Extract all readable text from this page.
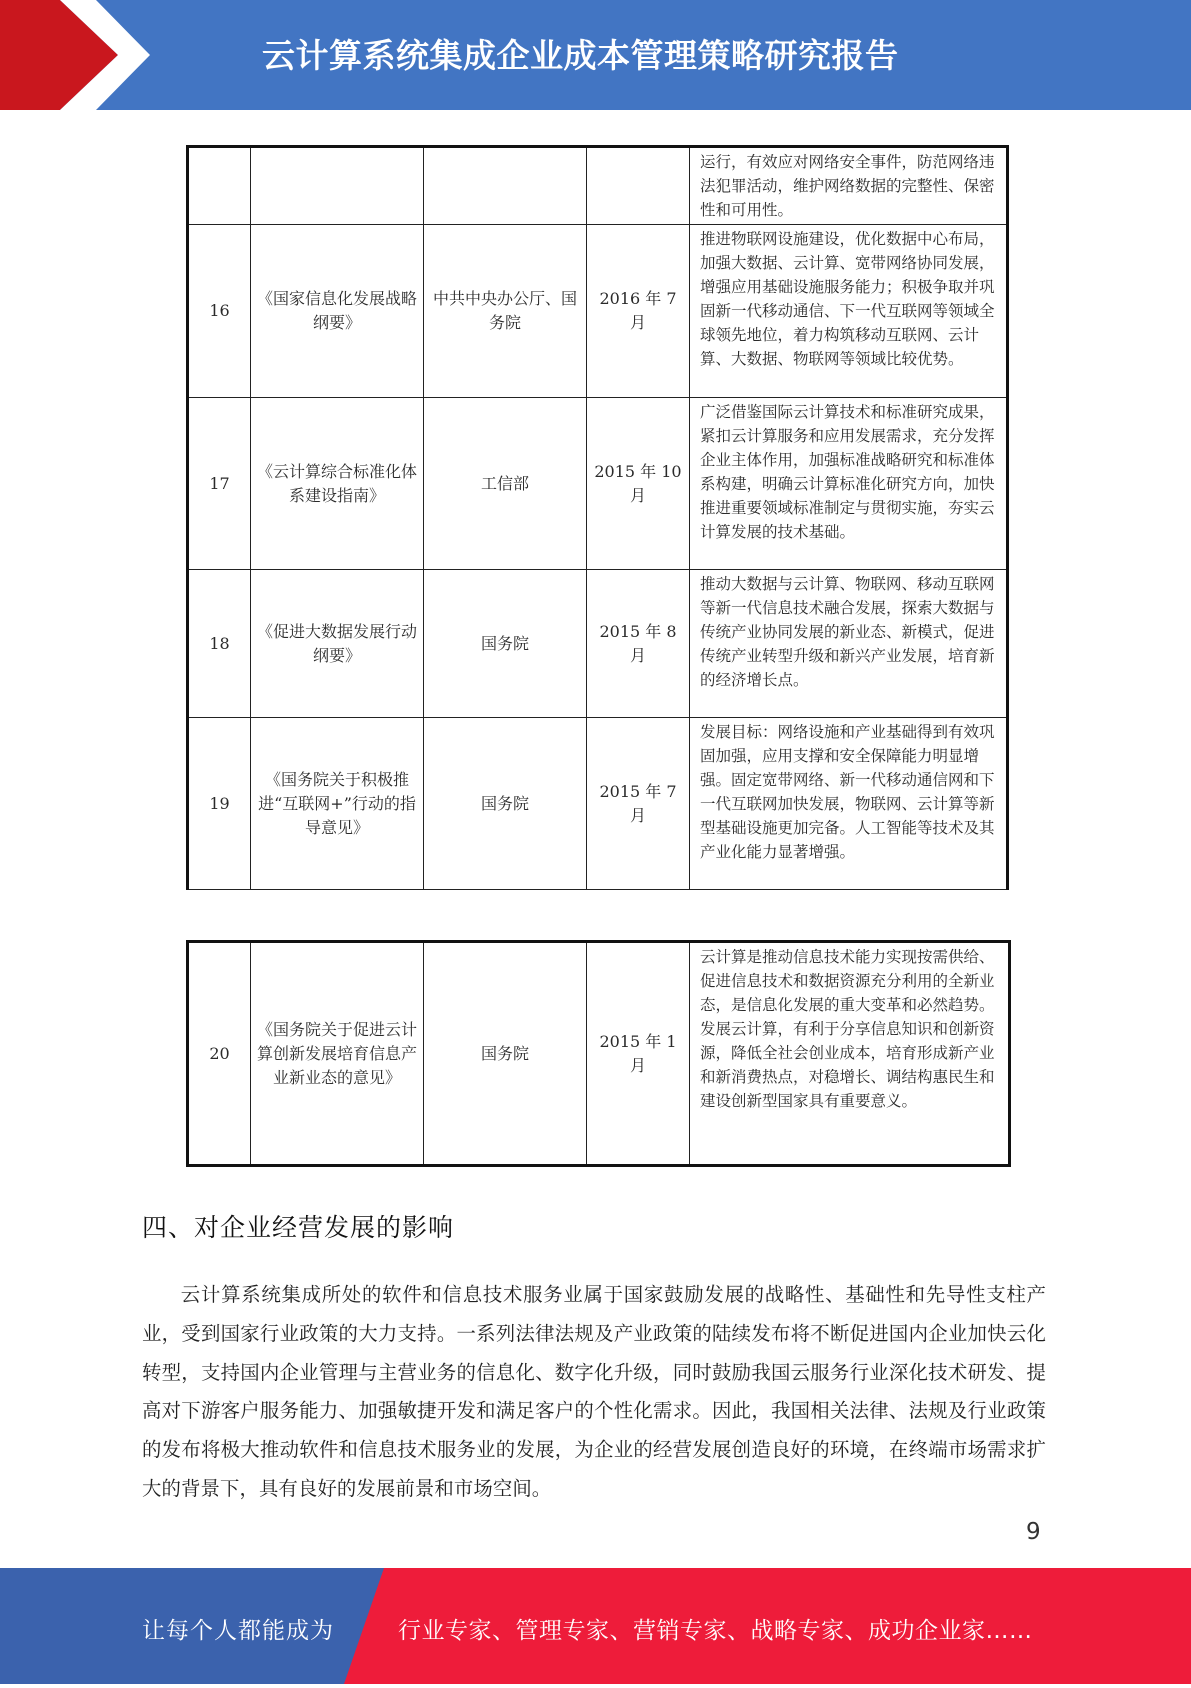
云计算系统集成企业成本管理策略研究报告
				运行，有效应对网络安全事件，防范网络违法犯罪活动，维护网络数据的完整性、保密性和可用性。
16	《国家信息化发展战略纲要》	中共中央办公厅、国务院	2016 年 7 月	推进物联网设施建设，优化数据中心布局，加强大数据、云计算、宽带网络协同发展，增强应用基础设施服务能力；积极争取并巩固新一代移动通信、下一代互联网等领域全球领先地位，着力构筑移动互联网、云计算、大数据、物联网等领域比较优势。
17	《云计算综合标准化体系建设指南》	工信部	2015 年 10 月	广泛借鉴国际云计算技术和标准研究成果，紧扣云计算服务和应用发展需求，充分发挥企业主体作用，加强标准战略研究和标准体系构建，明确云计算标准化研究方向，加快推进重要领域标准制定与贯彻实施，夯实云计算发展的技术基础。
18	《促进大数据发展行动纲要》	国务院	2015 年 8 月	推动大数据与云计算、物联网、移动互联网等新一代信息技术融合发展，探索大数据与传统产业协同发展的新业态、新模式，促进传统产业转型升级和新兴产业发展，培育新的经济增长点。
19	《国务院关于积极推进“互联网+”行动的指导意见》	国务院	2015 年 7 月	发展目标：网络设施和产业基础得到有效巩固加强，应用支撑和安全保障能力明显增强。固定宽带网络、新一代移动通信网和下一代互联网加快发展，物联网、云计算等新型基础设施更加完备。人工智能等技术及其产业化能力显著增强。
20	《国务院关于促进云计算创新发展培育信息产业新业态的意见》	国务院	2015 年 1 月	云计算是推动信息技术能力实现按需供给、促进信息技术和数据资源充分利用的全新业态，是信息化发展的重大变革和必然趋势。发展云计算，有利于分享信息知识和创新资源，降低全社会创业成本，培育形成新产业和新消费热点，对稳增长、调结构惠民生和建设创新型国家具有重要意义。
四、对企业经营发展的影响
云计算系统集成所处的软件和信息技术服务业属于国家鼓励发展的战略性、基础性和先导性支柱产业，受到国家行业政策的大力支持。一系列法律法规及产业政策的陆续发布将不断促进国内企业加快云化转型，支持国内企业管理与主营业务的信息化、数字化升级，同时鼓励我国云服务行业深化技术研发、提高对下游客户服务能力、加强敏捷开发和满足客户的个性化需求。因此，我国相关法律、法规及行业政策的发布将极大推动软件和信息技术服务业的发展，为企业的经营发展创造良好的环境，在终端市场需求扩大的背景下，具有良好的发展前景和市场空间。
9
让每个人都能成为	行业专家、管理专家、营销专家、战略专家、成功企业家……
